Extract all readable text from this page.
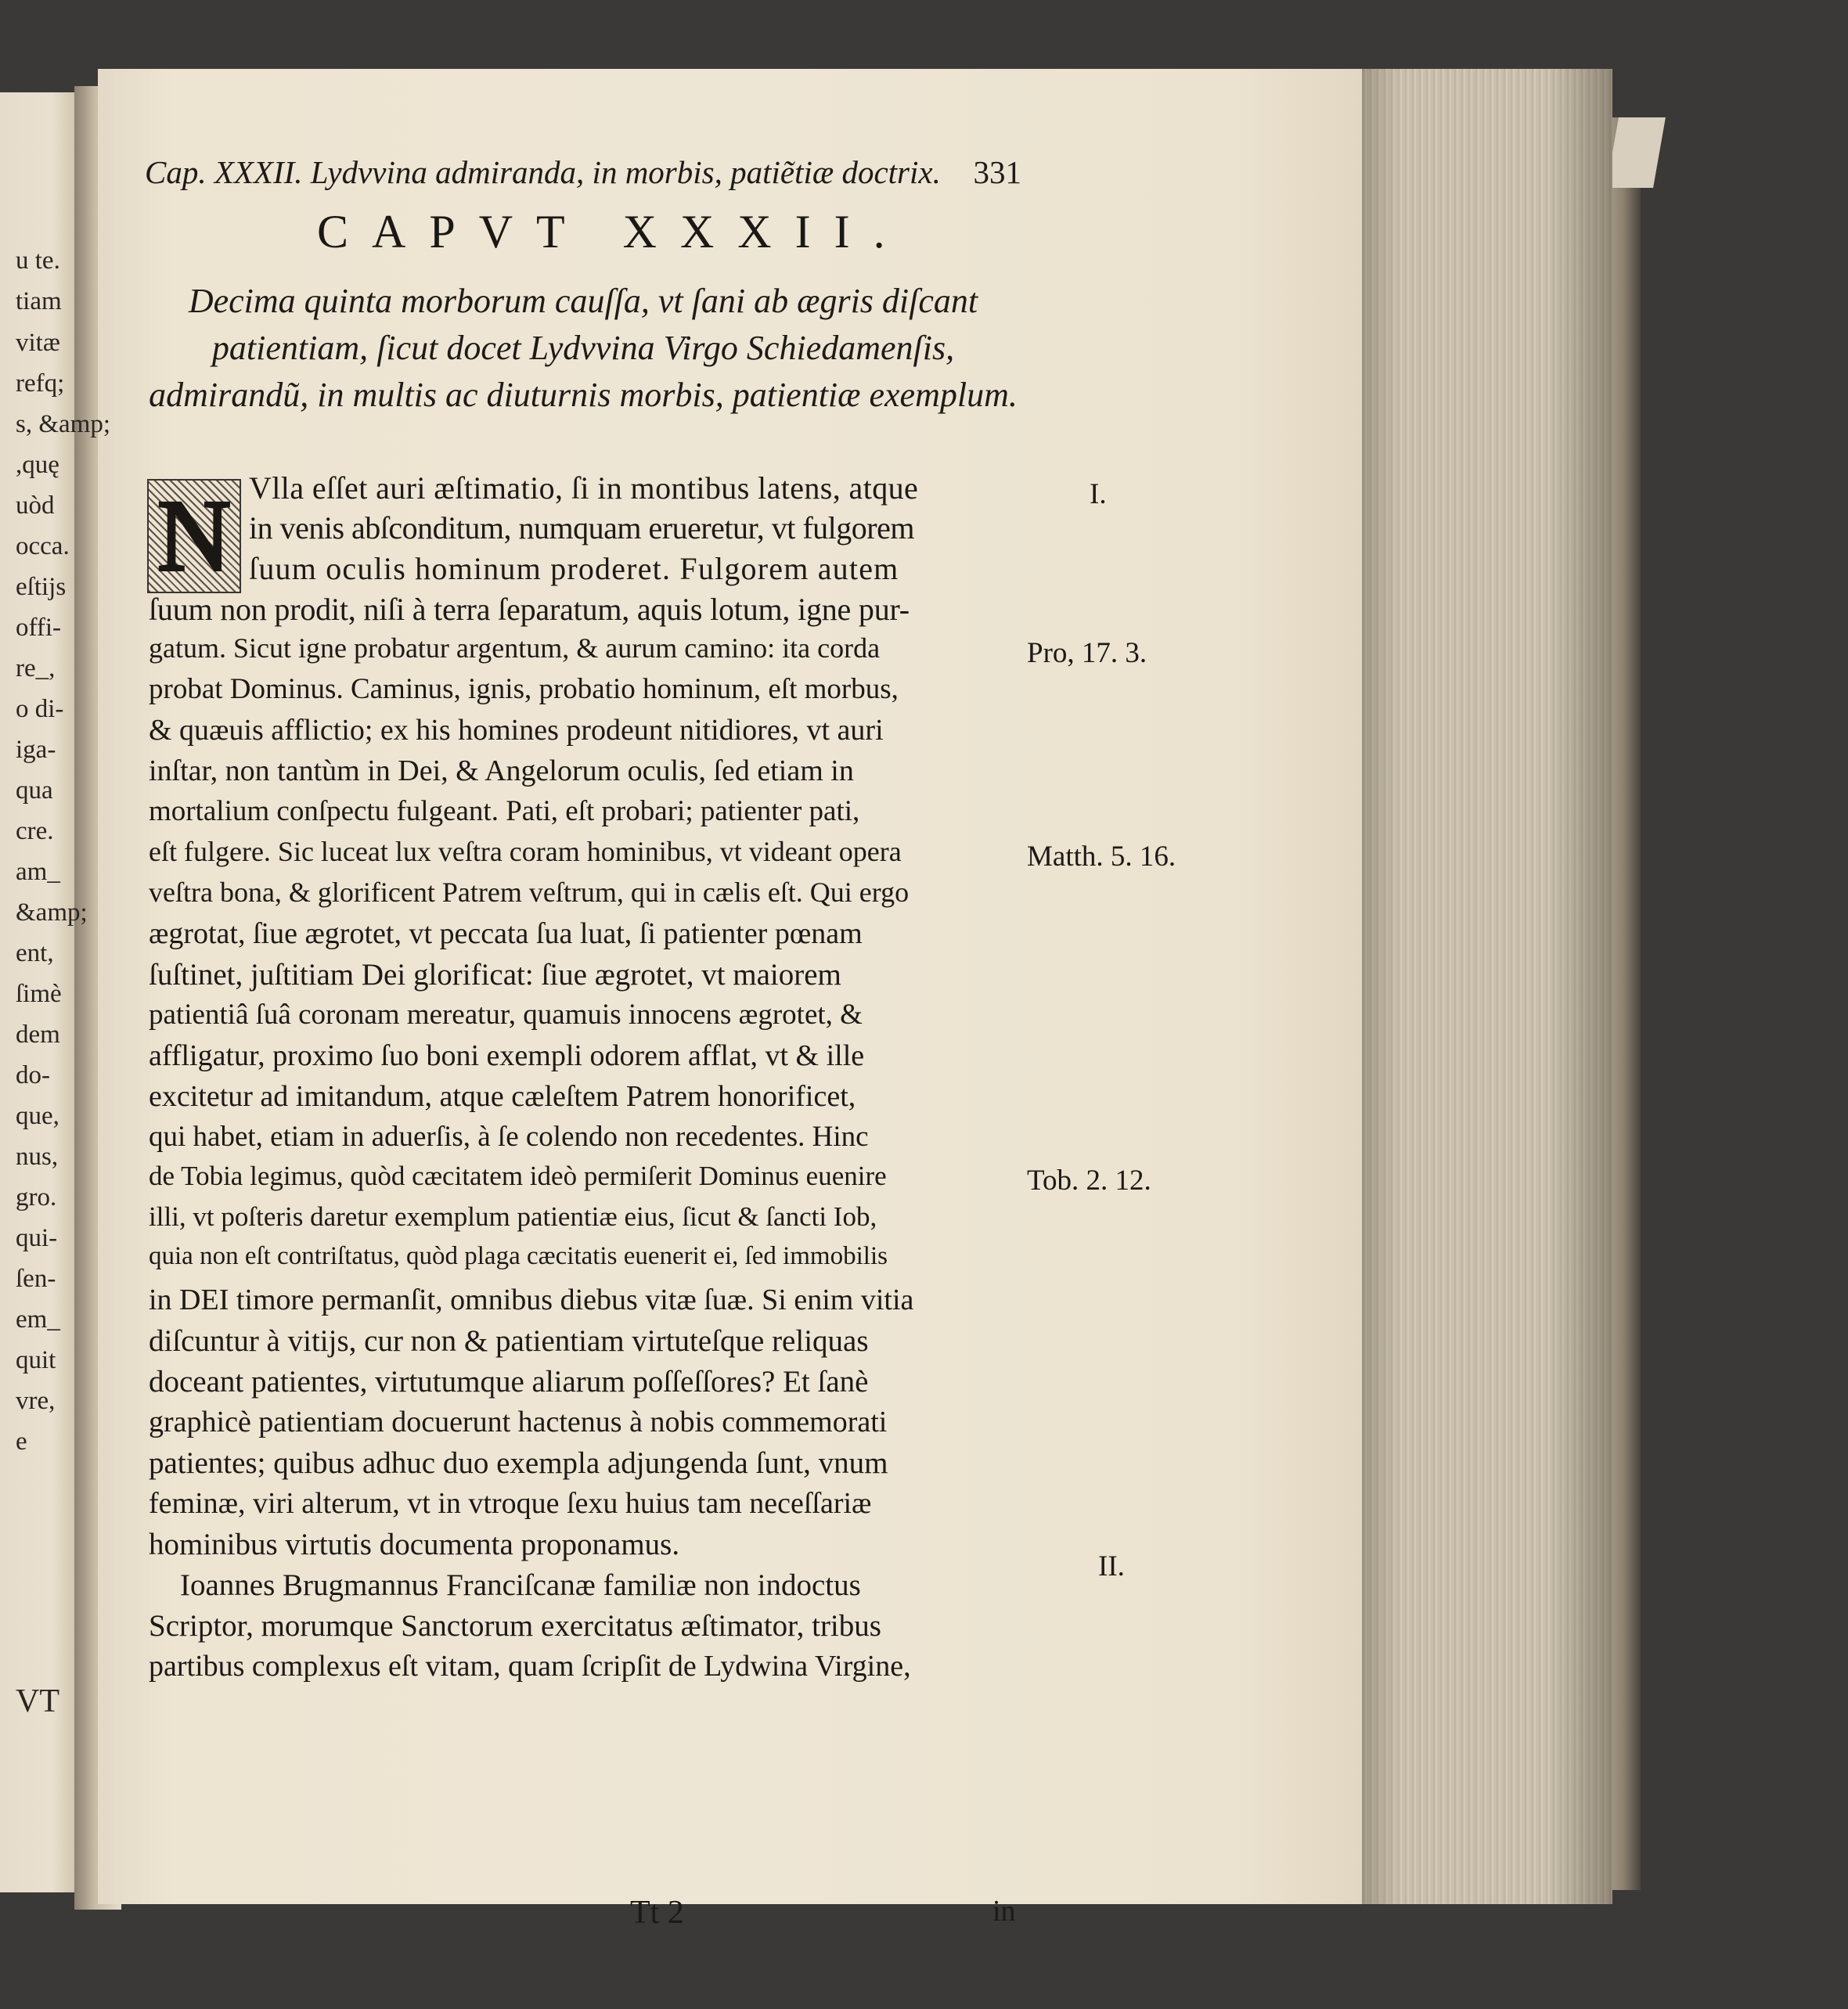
u te.
tiam
vitæ
refq;
s, &amp;
,quę
uòd
occa.
eſtijs
offi-
re_,
o di-
iga-
qua
cre.
am_
&amp;
ent,
ſimè
dem
do-
que,
nus,
gro.
qui-
ſen-
em_
quit
vre,
e
VT
Cap. XXXII. Lydvvina admiranda, in morbis, patiẽtiæ doctrix. 331
CAPVT XXXII.
Decima quinta morborum cauſſa, vt ſani ab ægris diſcant patientiam, ſicut docet Lydvvina Virgo Schiedamenſis, admirandũ, in multis ac diuturnis morbis, patientiæ exemplum.
N Vlla eſſet auri æſtimatio, ſi in montibus latens, atque
in venis abſconditum, numquam erueretur, vt fulgorem
ſuum oculis hominum proderet. Fulgorem autem
ſuum non prodit, niſi à terra ſeparatum, aquis lotum, igne pur-
gatum. Sicut igne probatur argentum, & aurum camino: ita corda
probat Dominus. Caminus, ignis, probatio hominum, eſt morbus,
& quæuis afflictio; ex his homines prodeunt nitidiores, vt auri
inſtar, non tantùm in Dei, & Angelorum oculis, ſed etiam in
mortalium conſpectu fulgeant. Pati, eſt probari; patienter pati,
eſt fulgere. Sic luceat lux veſtra coram hominibus, vt videant opera
veſtra bona, & glorificent Patrem veſtrum, qui in cælis eſt. Qui ergo
ægrotat, ſiue ægrotet, vt peccata ſua luat, ſi patienter pœnam
ſuſtinet, juſtitiam Dei glorificat: ſiue ægrotet, vt maiorem
patientiâ ſuâ coronam mereatur, quamuis innocens ægrotet, &
affligatur, proximo ſuo boni exempli odorem afflat, vt & ille
excitetur ad imitandum, atque cæleſtem Patrem honorificet,
qui habet, etiam in aduerſis, à ſe colendo non recedentes. Hinc
de Tobia legimus, quòd cæcitatem ideò permiſerit Dominus euenire
illi, vt poſteris daretur exemplum patientiæ eius, ſicut & ſancti Iob,
quia non eſt contriſtatus, quòd plaga cæcitatis euenerit ei, ſed immobilis
in DEI timore permanſit, omnibus diebus vitæ ſuæ. Si enim vitia
diſcuntur à vitijs, cur non & patientiam virtuteſque reliquas
doceant patientes, virtutumque aliarum poſſeſſores? Et ſanè
graphicè patientiam docuerunt hactenus à nobis commemorati
patientes; quibus adhuc duo exempla adjungenda ſunt, vnum
feminæ, viri alterum, vt in vtroque ſexu huius tam neceſſariæ
hominibus virtutis documenta proponamus.
Ioannes Brugmannus Franciſcanæ familiæ non indoctus
Scriptor, morumque Sanctorum exercitatus æſtimator, tribus
partibus complexus eſt vitam, quam ſcripſit de Lydwina Virgine,
I.
Pro, 17. 3.
Matth. 5. 16.
Tob. 2. 12.
II.
Tt 2	in
